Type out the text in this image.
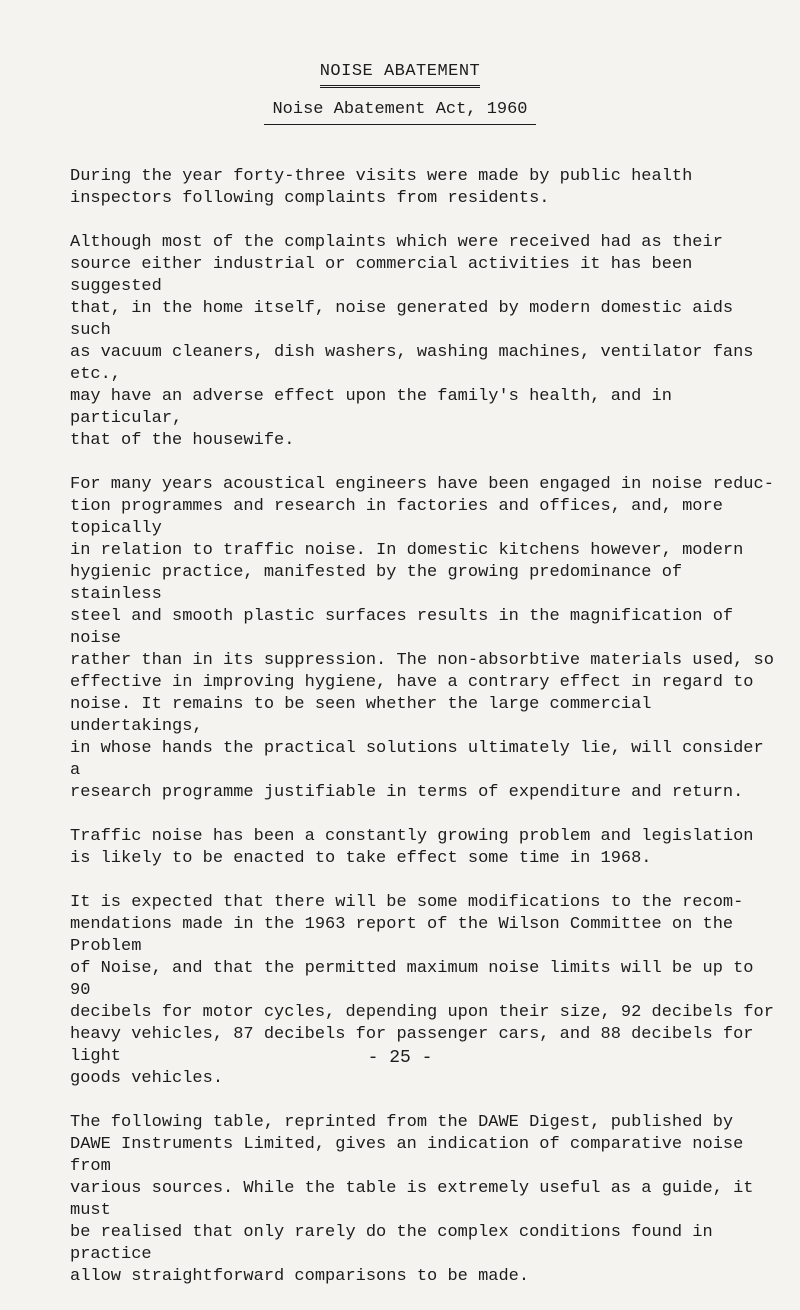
NOISE ABATEMENT
Noise Abatement Act, 1960

During the year forty-three visits were made by public health
inspectors following complaints from residents.

Although most of the complaints which were received had as their
source either industrial or commercial activities it has been suggested
that, in the home itself, noise generated by modern domestic aids such
as vacuum cleaners, dish washers, washing machines, ventilator fans etc.,
may have an adverse effect upon the family's health, and in particular,
that of the housewife.

For many years acoustical engineers have been engaged in noise reduc-
tion programmes and research in factories and offices, and, more topically
in relation to traffic noise. In domestic kitchens however, modern
hygienic practice, manifested by the growing predominance of stainless
steel and smooth plastic surfaces results in the magnification of noise
rather than in its suppression. The non-absorbtive materials used, so
effective in improving hygiene, have a contrary effect in regard to
noise. It remains to be seen whether the large commercial undertakings,
in whose hands the practical solutions ultimately lie, will consider a
research programme justifiable in terms of expenditure and return.

Traffic noise has been a constantly growing problem and legislation
is likely to be enacted to take effect some time in 1968.

It is expected that there will be some modifications to the recom-
mendations made in the 1963 report of the Wilson Committee on the Problem
of Noise, and that the permitted maximum noise limits will be up to 90
decibels for motor cycles, depending upon their size, 92 decibels for
heavy vehicles, 87 decibels for passenger cars, and 88 decibels for light
goods vehicles.

The following table, reprinted from the DAWE Digest, published by
DAWE Instruments Limited, gives an indication of comparative noise from
various sources. While the table is extremely useful as a guide, it must
be realised that only rarely do the complex conditions found in practice
allow straightforward comparisons to be made.

- 25 -
